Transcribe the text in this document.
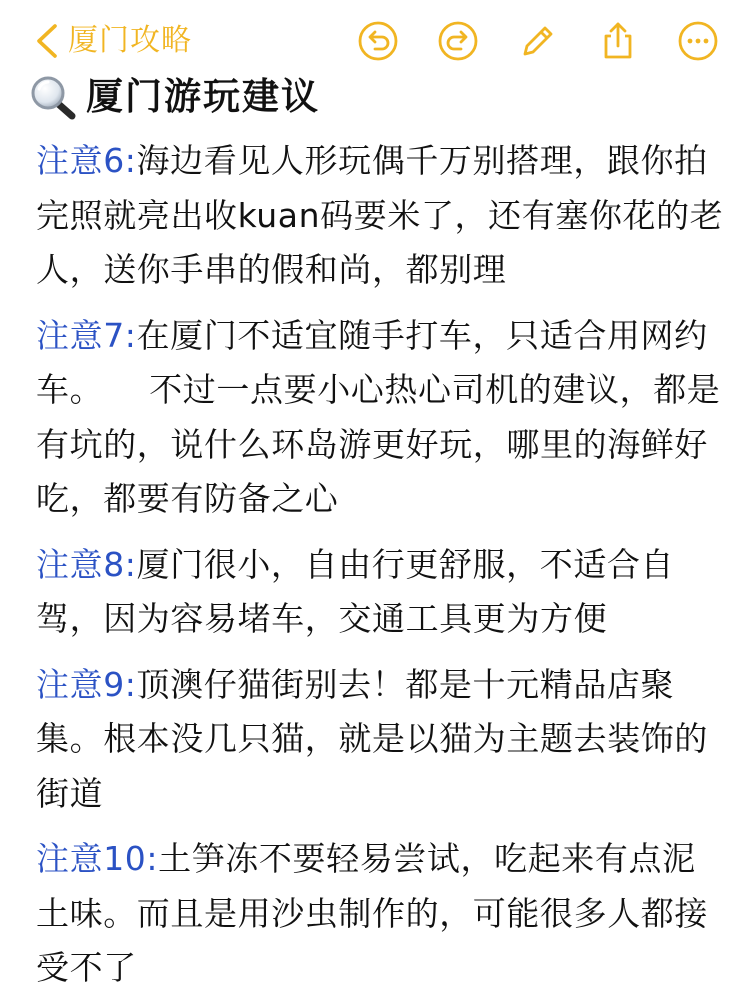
厦门攻略
厦门游玩建议

注意6:海边看见人形玩偶千万别搭理，跟你拍完照就亮出收kuan码要米了，还有塞你花的老人，送你手串的假和尚，都别理

注意7:在厦门不适宜随手打车，只适合用网约车。 不过一点要小心热心司机的建议，都是有坑的，说什么环岛游更好玩，哪里的海鲜好吃，都要有防备之心

注意8:厦门很小，自由行更舒服，不适合自驾，因为容易堵车，交通工具更为方便

注意9:顶澳仔猫街别去！都是十元精品店聚集。根本没几只猫，就是以猫为主题去装饰的街道

注意10:土笋冻不要轻易尝试，吃起来有点泥土味。而且是用沙虫制作的，可能很多人都接受不了
